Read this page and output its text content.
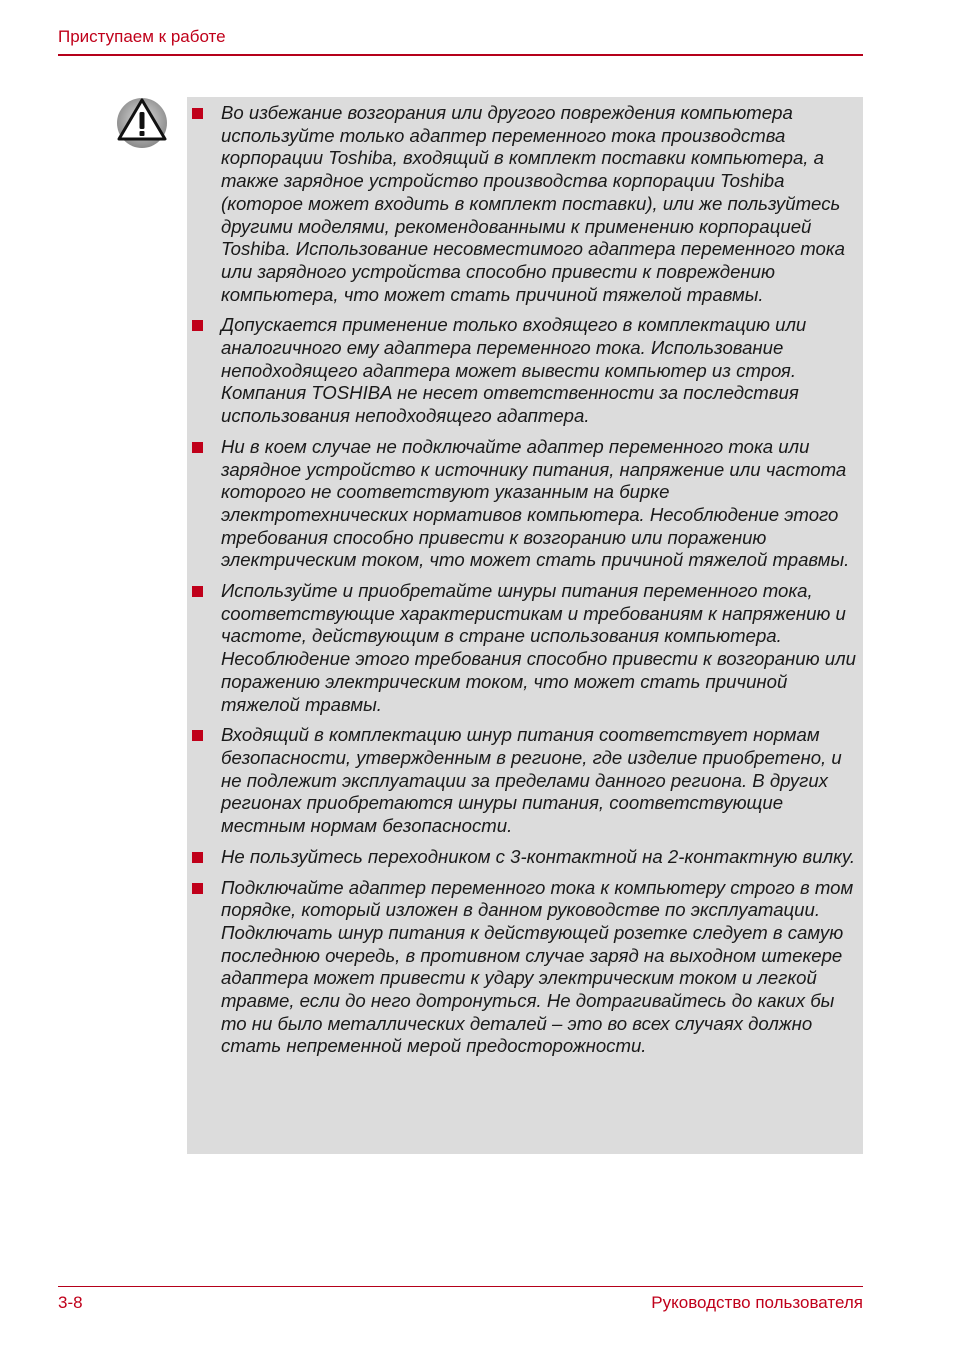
Приступаем к работе
Во избежание возгорания или другого повреждения компьютера используйте только адаптер переменного тока производства корпорации Toshiba, входящий в комплект поставки компьютера, а также зарядное устройство производства корпорации Toshiba (которое может входить в комплект поставки), или же пользуйтесь другими моделями, рекомендованными к применению корпорацией Toshiba. Использование несовместимого адаптера переменного тока или зарядного устройства способно привести к повреждению компьютера, что может стать причиной тяжелой травмы.
Допускается применение только входящего в комплектацию или аналогичного ему адаптера переменного тока. Использование неподходящего адаптера может вывести компьютер из строя. Компания TOSHIBA не несет ответственности за последствия использования неподходящего адаптера.
Ни в коем случае не подключайте адаптер переменного тока или зарядное устройство к источнику питания, напряжение или частота которого не соответствуют указанным на бирке электротехнических нормативов компьютера. Несоблюдение этого требования способно привести к возгоранию или поражению электрическим током, что может стать причиной тяжелой травмы.
Используйте и приобретайте шнуры питания переменного тока, соответствующие характеристикам и требованиям к напряжению и частоте, действующим в стране использования компьютера. Несоблюдение этого требования способно привести к возгоранию или поражению электрическим током, что может стать причиной тяжелой травмы.
Входящий в комплектацию шнур питания соответствует нормам безопасности, утвержденным в регионе, где изделие приобретено, и не подлежит эксплуатации за пределами данного региона. В других регионах приобретаются шнуры питания, соответствующие местным нормам безопасности.
Не пользуйтесь переходником с 3-контактной на 2-контактную вилку.
Подключайте адаптер переменного тока к компьютеру строго в том порядке, который изложен в данном руководстве по эксплуатации. Подключать шнур питания к действующей розетке следует в самую последнюю очередь, в противном случае заряд на выходном штекере адаптера может привести к удару электрическим током и легкой травме, если до него дотронуться. Не дотрагивайтесь до каких бы то ни было металлических деталей – это во всех случаях должно стать непременной мерой предосторожности.
3-8	Руководство пользователя
